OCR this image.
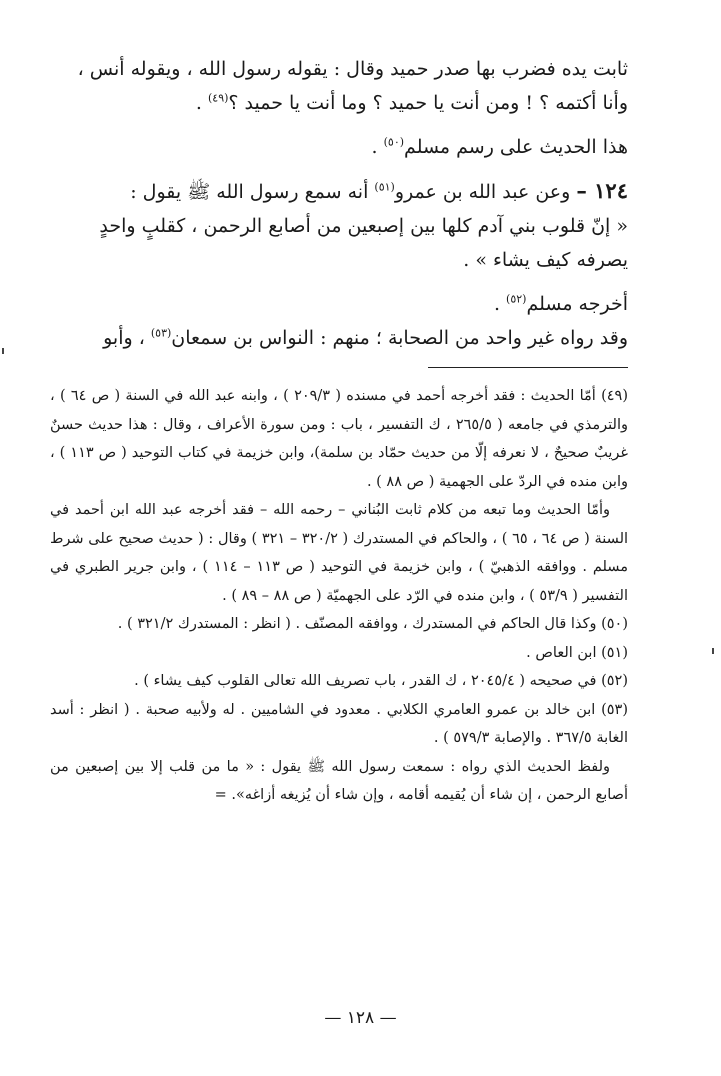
ثابت يده فضرب بها صدر حميد وقال : يقوله رسول الله ، ويقوله أنس ،

وأنا أكتمه ؟ ! ومن أنت يا حميد ؟ وما أنت يا حميد ؟$^{(٤٩)}$ .

هذا الحديث على رسم مسلم$^{(٥٠)}$ .

١٢٤ – وعن عبد الله بن عمرو$^{(٥١)}$ أنه سمع رسول الله ﷺ يقول :

« إنّ قلوب بني آدم كلها بين إصبعين من أصابع الرحمن ، كقلبٍ واحدٍ

يصرفه كيف يشاء » .

أخرجه مسلم$^{(٥٢)}$ .

وقد رواه غير واحد من الصحابة ؛ منهم : النواس بن سمعان$^{(٥٣)}$ ، وأبو

(٤٩) أمّا الحديث : فقد أخرجه أحمد في مسنده ( ٢٠٩/٣ ) ، وابنه عبد الله في السنة ( ص ٦٤ ) ، والترمذي في جامعه ( ٢٦٥/٥ ، ك التفسير ، باب : ومن سورة الأعراف ، وقال : هذا حديث حسنٌ غريبٌ صحيحٌ ، لا نعرفه إلّا من حديث حمّاد بن سلمة)، وابن خزيمة في كتاب التوحيد ( ص ١١٣ ) ، وابن منده في الردّ على الجهمية ( ص ٨٨ ) .

وأمّا الحديث وما تبعه من كلام ثابت البُناني – رحمه الله – فقد أخرجه عبد الله ابن أحمد في السنة ( ص ٦٤ ، ٦٥ ) ، والحاكم في المستدرك ( ٣٢٠/٢ – ٣٢١ ) وقال : ( حديث صحيح على شرط مسلم . ووافقه الذهبيّ ) ، وابن خزيمة في التوحيد ( ص ١١٣ – ١١٤ ) ، وابن جرير الطبري في التفسير ( ٥٣/٩ ) ، وابن منده في الرّد على الجهميّة ( ص ٨٨ – ٨٩ ) .

(٥٠) وكذا قال الحاكم في المستدرك ، ووافقه المصنّف . ( انظر : المستدرك ٣٢١/٢ ) .

(٥١) ابن العاص .

(٥٢) في صحيحه ( ٢٠٤٥/٤ ، ك القدر ، باب تصريف الله تعالى القلوب كيف يشاء ) .

(٥٣) ابن خالد بن عمرو العامري الكلابي . معدود في الشاميين . له ولأبيه صحبة . ( انظر : أسد الغابة ٣٦٧/٥ . والإصابة ٥٧٩/٣ ) .

ولفظ الحديث الذي رواه : سمعت رسول الله ﷺ يقول : « ما من قلب إلا بين إصبعين من أصابع الرحمن ، إن شاء أن يُقيمه أقامه ، وإن شاء أن يُزيغه أزاغه». =

— ١٢٨ —
